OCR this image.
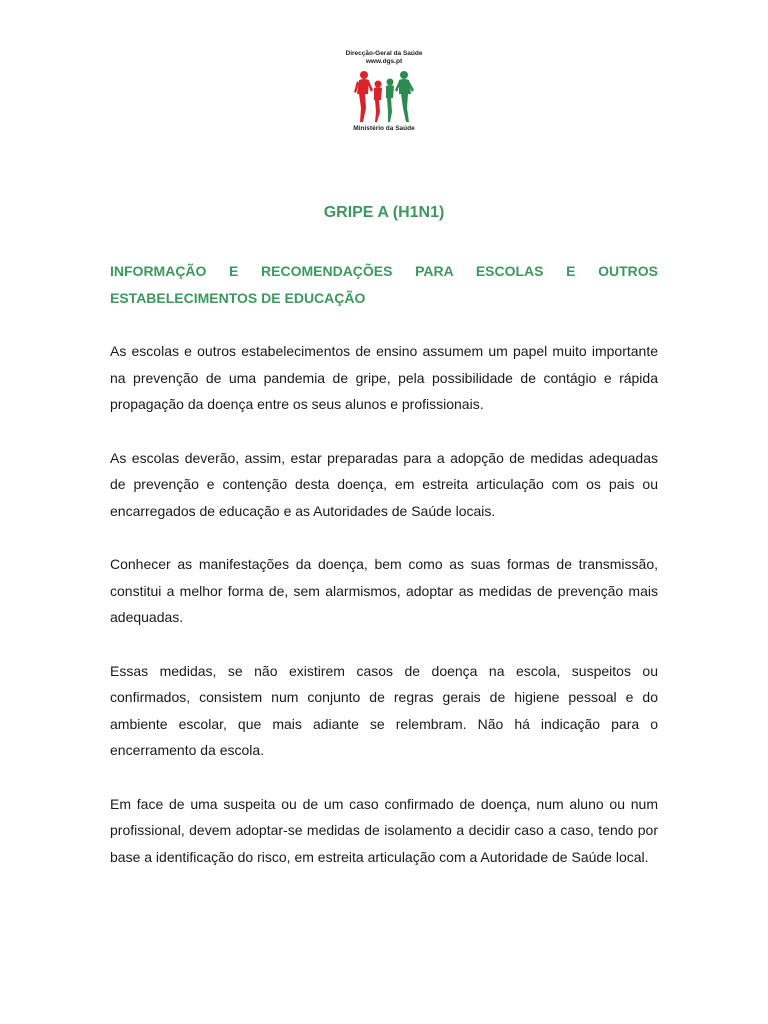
Direcção-Geral da Saúde
www.dgs.pt
Ministério da Saúde
GRIPE A (H1N1)
INFORMAÇÃO E RECOMENDAÇÕES PARA ESCOLAS E OUTROS ESTABELECIMENTOS DE EDUCAÇÃO

As escolas e outros estabelecimentos de ensino assumem um papel muito importante na prevenção de uma pandemia de gripe, pela possibilidade de contágio e rápida propagação da doença entre os seus alunos e profissionais.

As escolas deverão, assim, estar preparadas para a adopção de medidas adequadas de prevenção e contenção desta doença, em estreita articulação com os pais ou encarregados de educação e as Autoridades de Saúde locais.

Conhecer as manifestações da doença, bem como as suas formas de transmissão, constitui a melhor forma de, sem alarmismos, adoptar as medidas de prevenção mais adequadas.

Essas medidas, se não existirem casos de doença na escola, suspeitos ou confirmados, consistem num conjunto de regras gerais de higiene pessoal e do ambiente escolar, que mais adiante se relembram. Não há indicação para o encerramento da escola.

Em face de uma suspeita ou de um caso confirmado de doença, num aluno ou num profissional, devem adoptar-se medidas de isolamento a decidir caso a caso, tendo por base a identificação do risco, em estreita articulação com a Autoridade de Saúde local.
